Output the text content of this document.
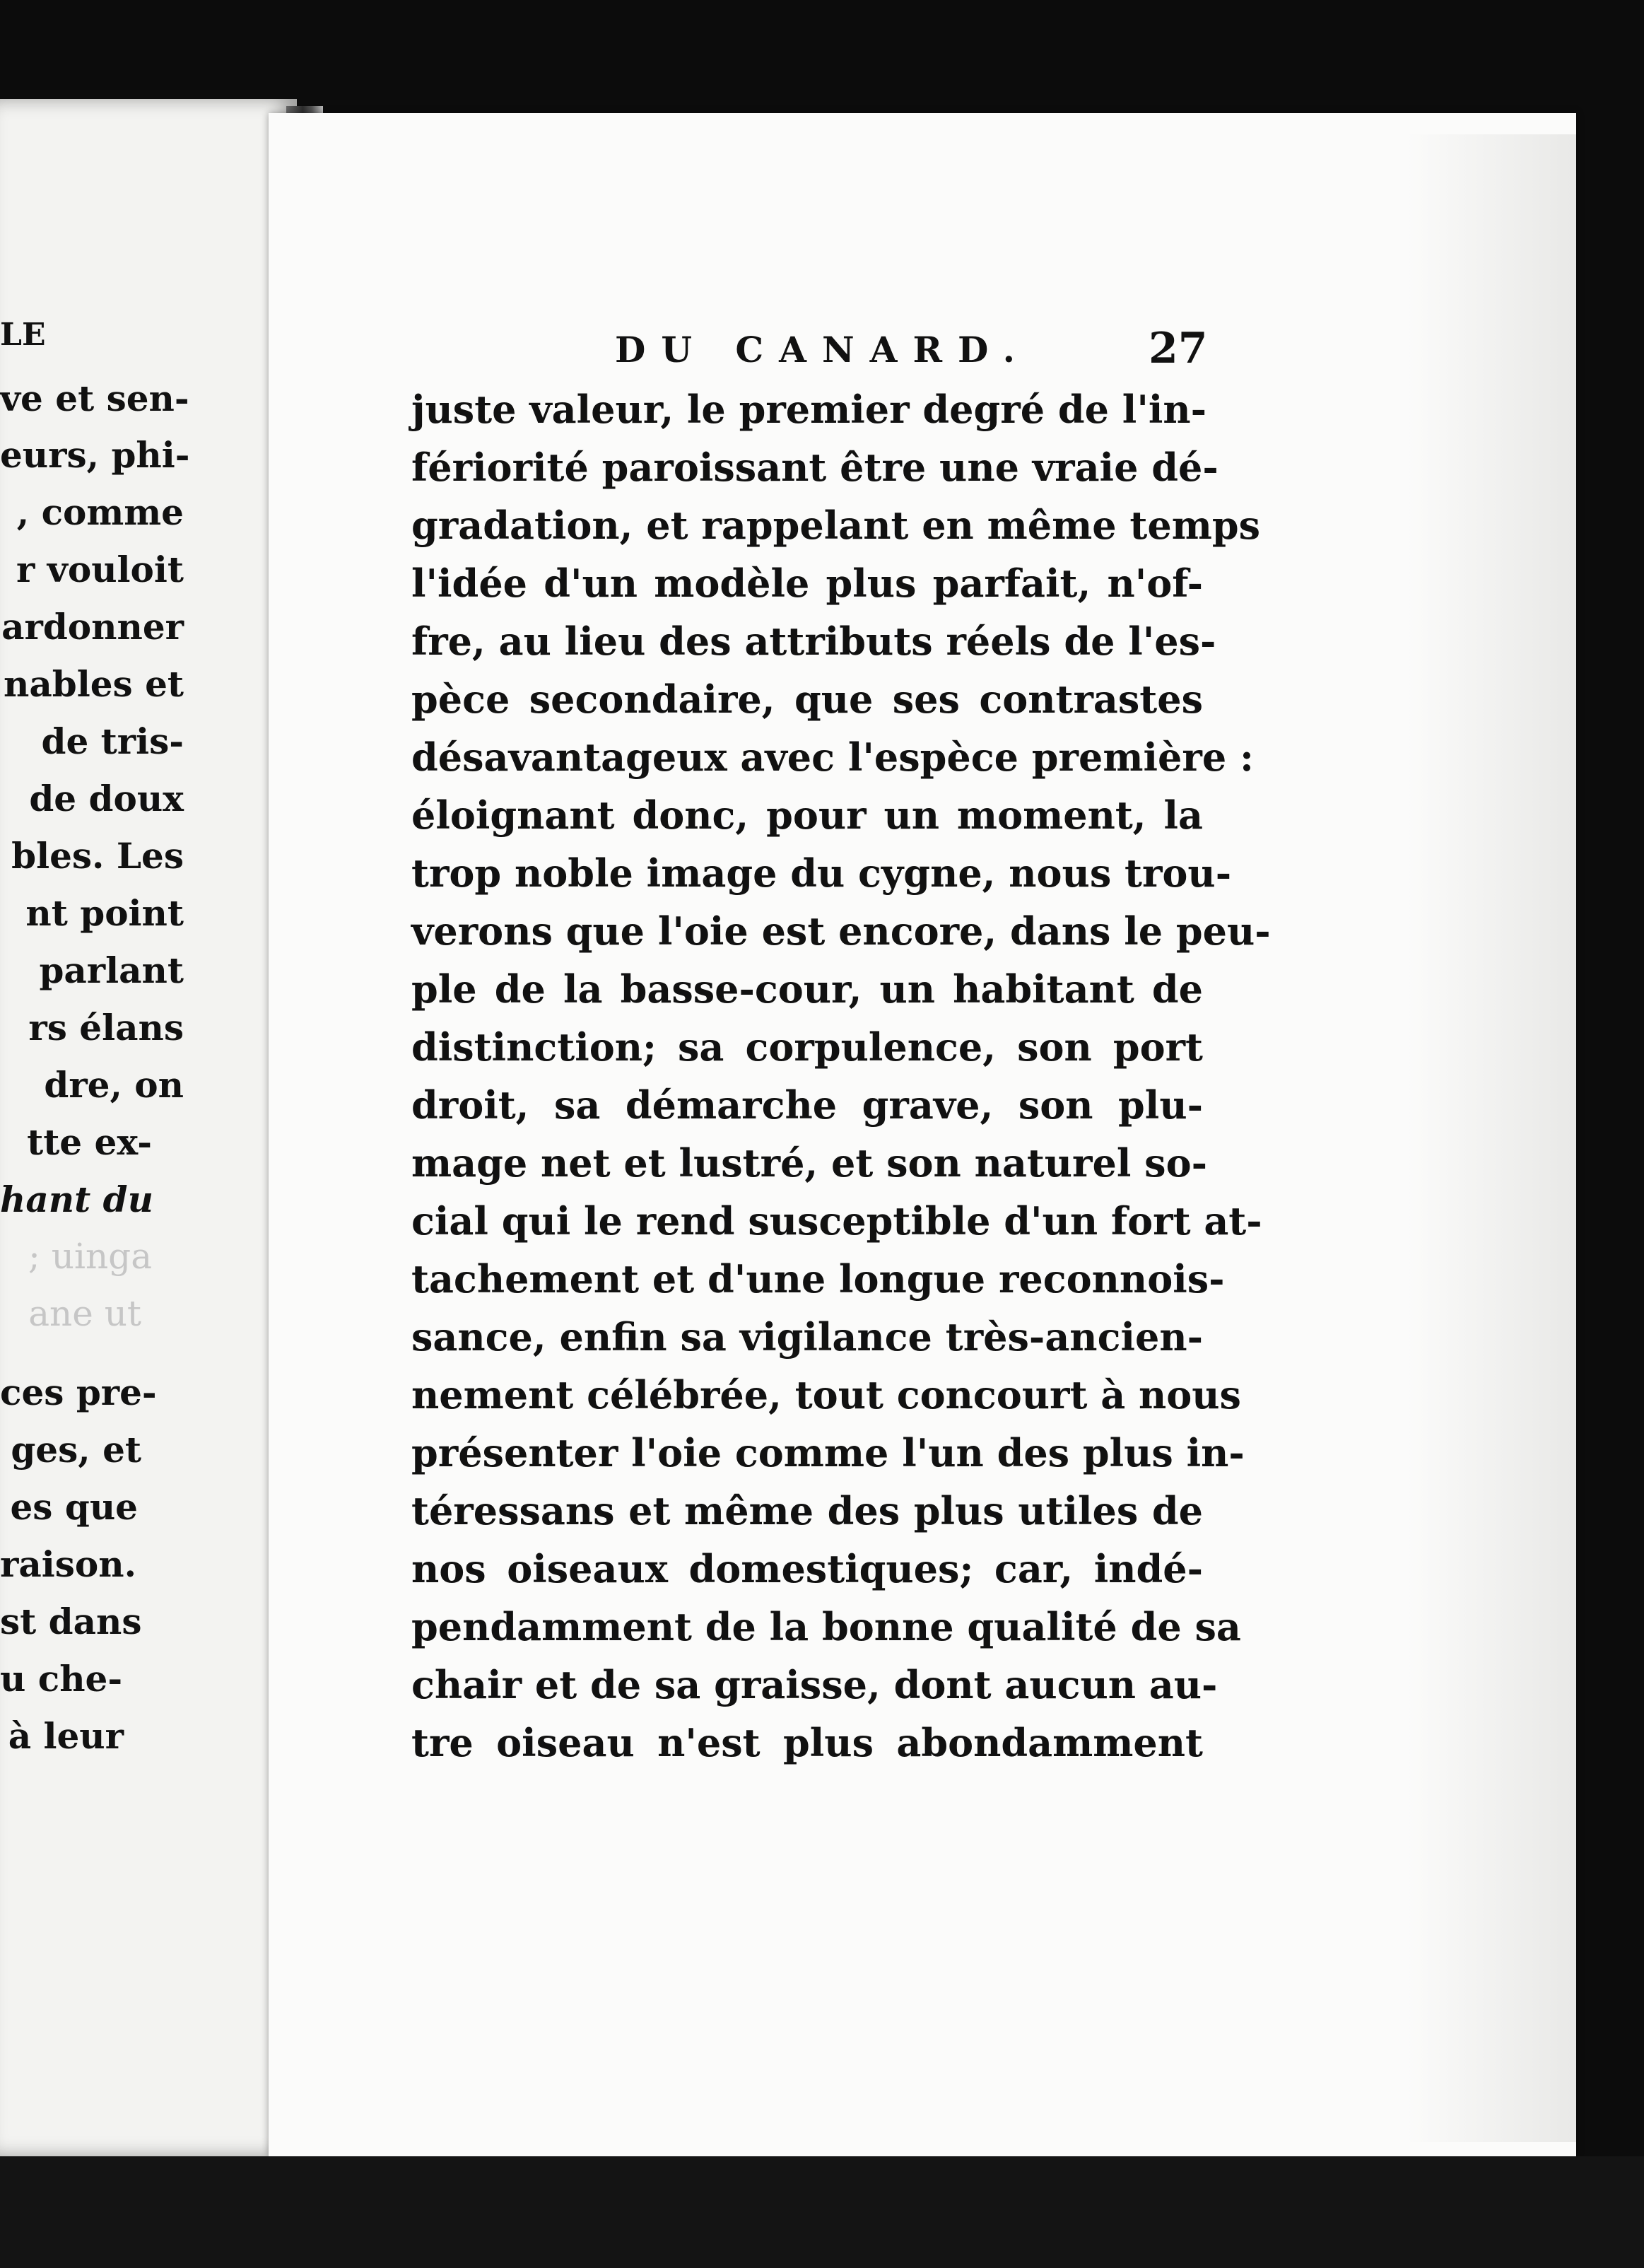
LE
ve et sen-
eurs, phi-
, comme
r vouloit
ardonner
nables et
de tris-
de doux
bles. Les
nt point
parlant
rs élans
dre, on
tte ex-
hant du
; uinga
ane ut
ces pre-
ges, et
es que
raison.
st dans
u che-
à leur
DU CANARD.	27
juste valeur, le premier degré de l'in-
fériorité paroissant être une vraie dé-
gradation, et rappelant en même temps
l'idée d'un modèle plus parfait, n'of-
fre, au lieu des attributs réels de l'es-
pèce secondaire, que ses contrastes
désavantageux avec l'espèce première :
éloignant donc, pour un moment, la
trop noble image du cygne, nous trou-
verons que l'oie est encore, dans le peu-
ple de la basse-cour, un habitant de
distinction; sa corpulence, son port
droit, sa démarche grave, son plu-
mage net et lustré, et son naturel so-
cial qui le rend susceptible d'un fort at-
tachement et d'une longue reconnois-
sance, enfin sa vigilance très-ancien-
nement célébrée, tout concourt à nous
présenter l'oie comme l'un des plus in-
téressans et même des plus utiles de
nos oiseaux domestiques; car, indé-
pendamment de la bonne qualité de sa
chair et de sa graisse, dont aucun au-
tre oiseau n'est plus abondamment
